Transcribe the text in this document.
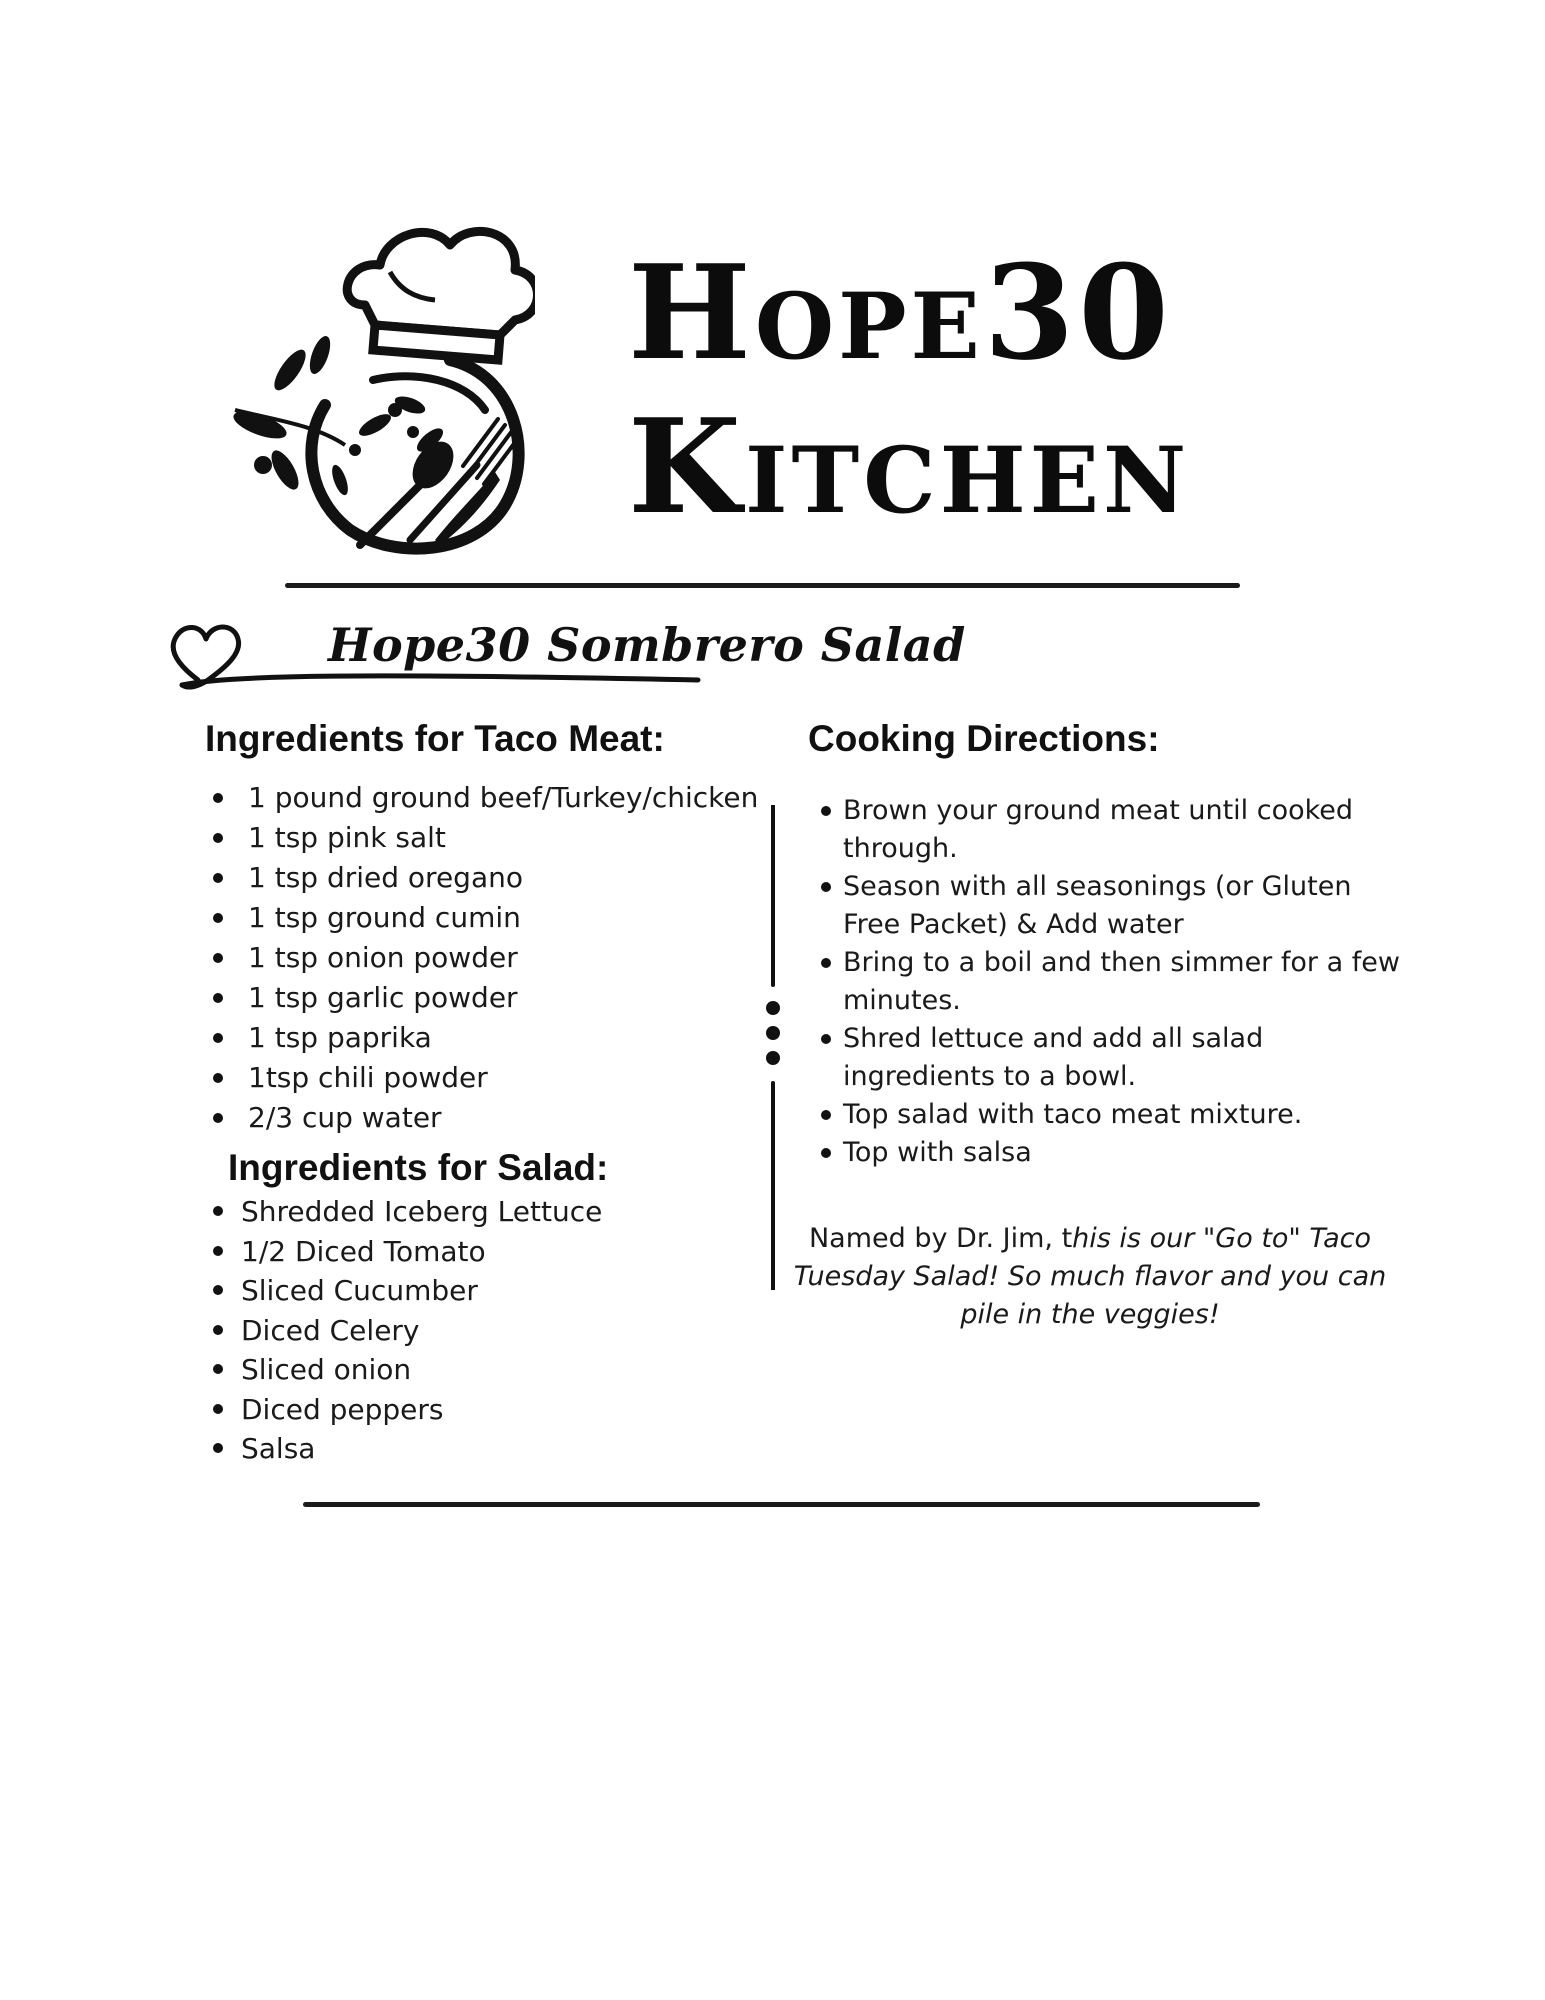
Hope30
Kitchen
Hope30 Sombrero Salad
Ingredients for Taco Meat:
1 pound ground beef/Turkey/chicken
1 tsp pink salt
1 tsp dried oregano
1 tsp ground cumin
1 tsp onion powder
1 tsp garlic powder
1 tsp paprika
1tsp chili powder
2/3 cup water
Ingredients for Salad:
Shredded Iceberg Lettuce
1/2 Diced Tomato
Sliced Cucumber
Diced Celery
Sliced onion
Diced peppers
Salsa
Cooking Directions:
Brown your ground meat until cooked through.
Season with all seasonings (or Gluten Free Packet) & Add water
Bring to a boil and then simmer for a few minutes.
Shred lettuce and add all salad ingredients to a bowl.
Top salad with taco meat mixture.
Top with salsa
Named by Dr. Jim, this is our "Go to" Taco Tuesday Salad! So much flavor and you can pile in the veggies!
